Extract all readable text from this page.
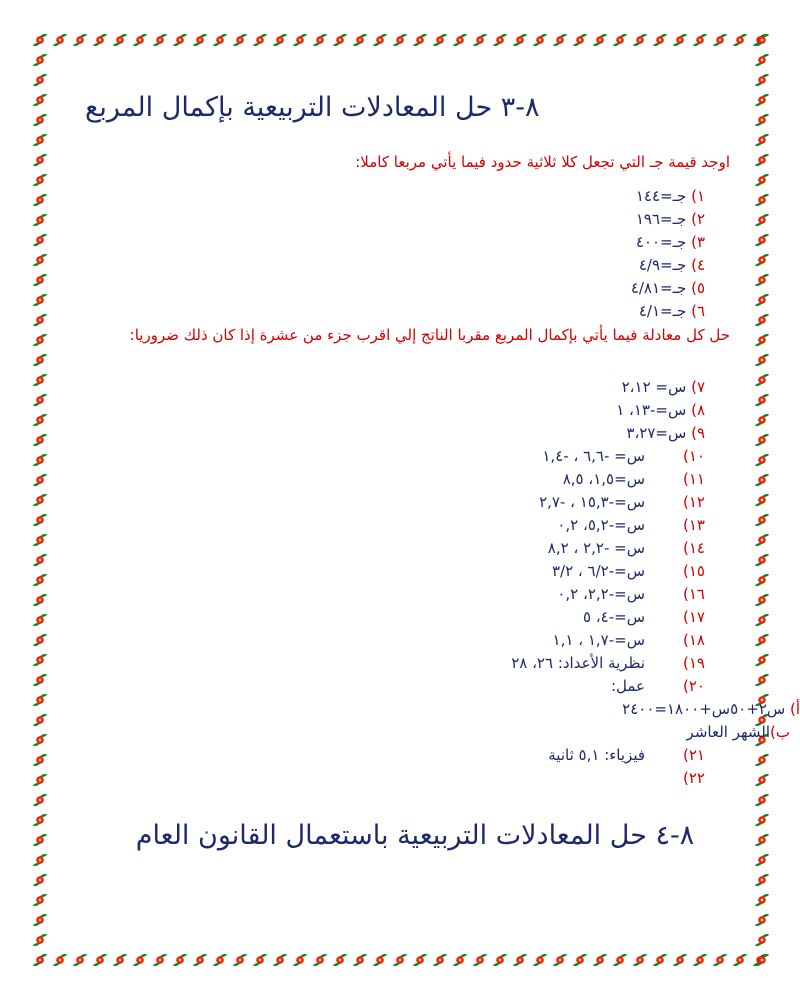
٨-٣ حل المعادلات التربيعية بإكمال المربع

اوجد قيمة جـ التي تجعل كلا ثلاثية حدود فيما يأتي مربعا كاملا:

١) جـ=١٤٤
٢) جـ=١٩٦
٣) جـ=٤٠٠
٤) جـ=٤/٩
٥) جـ=٤/٨١
٦) جـ=٤/١

حل كل معادلة فيما يأتي بإكمال المربع مقربا الناتج إلي اقرب جزء من عشرة إذا كان ذلك ضروريا:

٧) س= ٢،١٢
٨) س=-١٣، ١
٩) س=٣،٢٧
١٠)س= -٦,٦ ، -١,٤
١١)س=١,٥، ٨,٥
١٢)س=-١٥,٣ ، -٢,٧
١٣)س=-٥,٢، ٠,٢
١٤)س= -٢,٢ ، ٨,٢
١٥)س=-٦/٢ ، ٣/٢
١٦)س=-٢,٢، ٠,٢
١٧)س=-٤، ٥
١٨)س=-١,٧ ، ١,١
١٩)نظرية الأعداد: ٢٦، ٢٨
٢٠)عمل:
أ) س٢+٥٠س+١٨٠٠=٢٤٠٠
ب)الشهر العاشر
٢١)فيزياء: ٥,١ ثانية
٢٢)
٨-٤ حل المعادلات التربيعية باستعمال القانون العام
